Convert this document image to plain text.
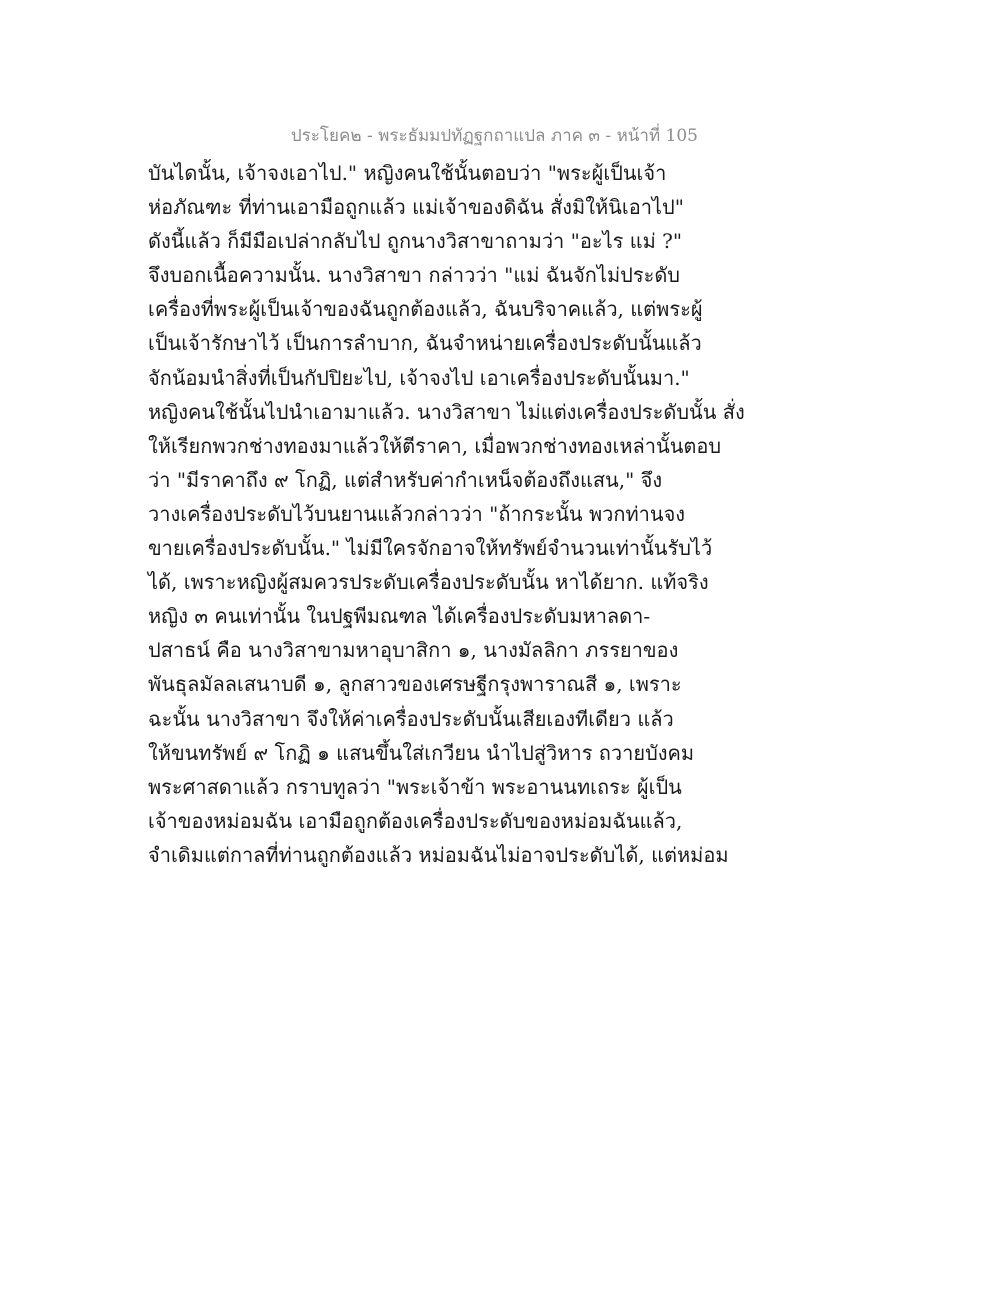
ประโยค๒ - พระธัมมปทัฏฐกถาแปล ภาค ๓ - หน้าที่ 105
บันไดนั้น, เจ้าจงเอาไป." หญิงคนใช้นั้นตอบว่า "พระผู้เป็นเจ้า
ห่อภัณฑะ ที่ท่านเอามือถูกแล้ว แม่เจ้าของดิฉัน สั่งมิให้นิเอาไป"
ดังนี้แล้ว ก็มีมือเปล่ากลับไป ถูกนางวิสาขาถามว่า "อะไร แม่ ?"
จึงบอกเนื้อความนั้น. นางวิสาขา กล่าวว่า "แม่ ฉันจักไม่ประดับ
เครื่องที่พระผู้เป็นเจ้าของฉันถูกต้องแล้ว, ฉันบริจาคแล้ว, แต่พระผู้
เป็นเจ้ารักษาไว้ เป็นการลำบาก, ฉันจำหน่ายเครื่องประดับนั้นแล้ว
จักน้อมนำสิ่งที่เป็นกัปปิยะไป, เจ้าจงไป เอาเครื่องประดับนั้นมา."
หญิงคนใช้นั้นไปนำเอามาแล้ว. นางวิสาขา ไม่แต่งเครื่องประดับนั้น สั่ง
ให้เรียกพวกช่างทองมาแล้วให้ตีราคา, เมื่อพวกช่างทองเหล่านั้นตอบ
ว่า "มีราคาถึง ๙ โกฏิ, แต่สำหรับค่ากำเหน็จต้องถึงแสน," จึง
วางเครื่องประดับไว้บนยานแล้วกล่าวว่า "ถ้ากระนั้น พวกท่านจง
ขายเครื่องประดับนั้น." ไม่มีใครจักอาจให้ทรัพย์จำนวนเท่านั้นรับไว้
ได้, เพราะหญิงผู้สมควรประดับเครื่องประดับนั้น หาได้ยาก. แท้จริง
หญิง ๓ คนเท่านั้น ในปฐพีมณฑล ได้เครื่องประดับมหาลดา-
ปสาธน์ คือ นางวิสาขามหาอุบาสิกา ๑, นางมัลลิกา ภรรยาของ
พันธุลมัลลเสนาบดี ๑, ลูกสาวของเศรษฐีกรุงพาราณสี ๑, เพราะ
ฉะนั้น นางวิสาขา จึงให้ค่าเครื่องประดับนั้นเสียเองทีเดียว แล้ว
ให้ขนทรัพย์ ๙ โกฏิ ๑ แสนขึ้นใส่เกวียน นำไปสู่วิหาร ถวายบังคม
พระศาสดาแล้ว กราบทูลว่า "พระเจ้าข้า พระอานนทเถระ ผู้เป็น
เจ้าของหม่อมฉัน เอามือถูกต้องเครื่องประดับของหม่อมฉันแล้ว,
จำเดิมแต่กาลที่ท่านถูกต้องแล้ว หม่อมฉันไม่อาจประดับได้, แต่หม่อม
